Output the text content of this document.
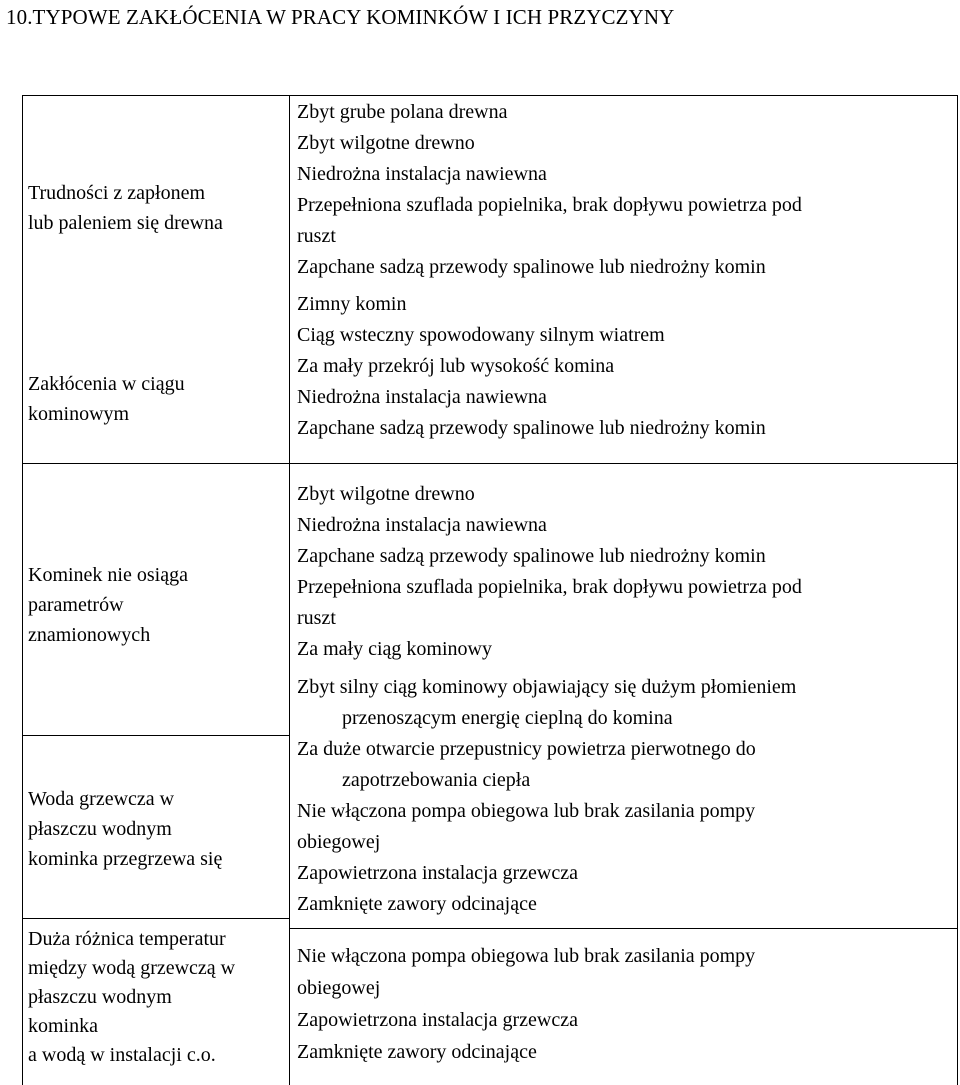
10.TYPOWE ZAKŁÓCENIA W PRACY KOMINKÓW I ICH PRZYCZYNY
Trudności z zapłonem
lub paleniem się drewna
Zbyt grube polana drewna
Zbyt wilgotne drewno
Niedrożna instalacja nawiewna
Przepełniona szuflada popielnika, brak dopływu powietrza pod
ruszt
Zapchane sadzą przewody spalinowe lub niedrożny komin
Zakłócenia w ciągu
kominowym
Zimny komin
Ciąg wsteczny spowodowany silnym wiatrem
Za mały przekrój lub wysokość komina
Niedrożna instalacja nawiewna
Zapchane sadzą przewody spalinowe lub niedrożny komin
Kominek nie osiąga
parametrów
znamionowych
Zbyt wilgotne drewno
Niedrożna instalacja nawiewna
Zapchane sadzą przewody spalinowe lub niedrożny komin
Przepełniona szuflada popielnika, brak dopływu powietrza pod
ruszt
Za mały ciąg kominowy
Woda grzewcza w
płaszczu wodnym
kominka przegrzewa się
Zbyt silny ciąg kominowy objawiający się dużym płomieniem
przenoszącym energię cieplną do komina
Za duże otwarcie przepustnicy powietrza pierwotnego do
zapotrzebowania ciepła
Nie włączona pompa obiegowa lub brak zasilania pompy
obiegowej
Zapowietrzona instalacja grzewcza
Zamknięte zawory odcinające
Duża różnica temperatur
między wodą grzewczą w
płaszczu wodnym
kominka
a wodą w instalacji c.o.
Nie włączona pompa obiegowa lub brak zasilania pompy
obiegowej
Zapowietrzona instalacja grzewcza
Zamknięte zawory odcinające
